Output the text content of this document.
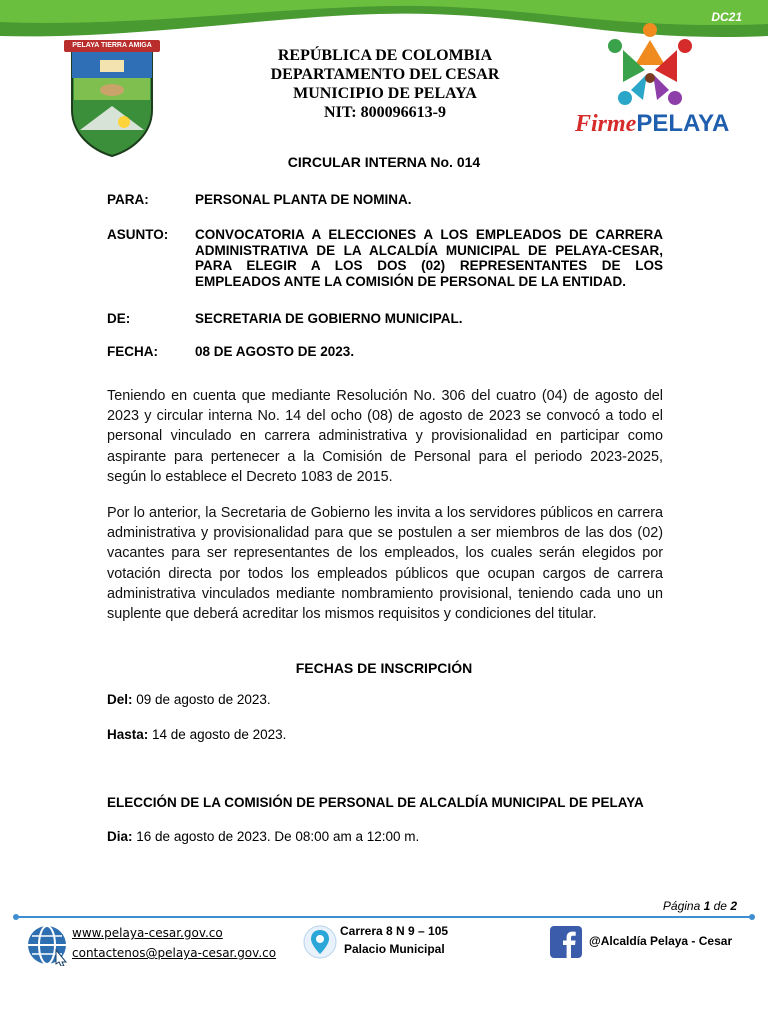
DC21
PELAYA TIERRA AMIGA
REPÚBLICA DE COLOMBIA
DEPARTAMENTO DEL CESAR
MUNICIPIO DE PELAYA
NIT: 800096613-9	FirmePELAYA
CIRCULAR INTERNA No. 014
PARA:	PERSONAL PLANTA DE NOMINA.
ASUNTO: CONVOCATORIA A ELECCIONES A LOS EMPLEADOS DE CARRERA ADMINISTRATIVA DE LA ALCALDÍA MUNICIPAL DE PELAYA-CESAR, PARA ELEGIR A LOS DOS (02) REPRESENTANTES DE LOS EMPLEADOS ANTE LA COMISIÓN DE PERSONAL DE LA ENTIDAD.
DE:	SECRETARIA DE GOBIERNO MUNICIPAL.
FECHA:	08 DE AGOSTO DE 2023.
Teniendo en cuenta que mediante Resolución No. 306 del cuatro (04) de agosto del 2023 y circular interna No. 14 del ocho (08) de agosto de 2023 se convocó a todo el personal vinculado en carrera administrativa y provisionalidad en participar como aspirante para pertenecer a la Comisión de Personal para el periodo 2023-2025, según lo establece el Decreto 1083 de 2015.
Por lo anterior, la Secretaria de Gobierno les invita a los servidores públicos en carrera administrativa y provisionalidad para que se postulen a ser miembros de las dos (02) vacantes para ser representantes de los empleados, los cuales serán elegidos por votación directa por todos los empleados públicos que ocupan cargos de carrera administrativa vinculados mediante nombramiento provisional, teniendo cada uno un suplente que deberá acreditar los mismos requisitos y condiciones del titular.
FECHAS DE INSCRIPCIÓN
Del: 09 de agosto de 2023.
Hasta: 14 de agosto de 2023.
ELECCIÓN DE LA COMISIÓN DE PERSONAL DE ALCALDÍA MUNICIPAL DE PELAYA
Dia: 16 de agosto de 2023. De 08:00 am a 12:00 m.
Página 1 de 2
www.pelaya-cesar.gov.co
contactenos@pelaya-cesar.gov.co
Carrera 8 N 9 – 105
Palacio Municipal
@Alcaldía Pelaya - Cesar
